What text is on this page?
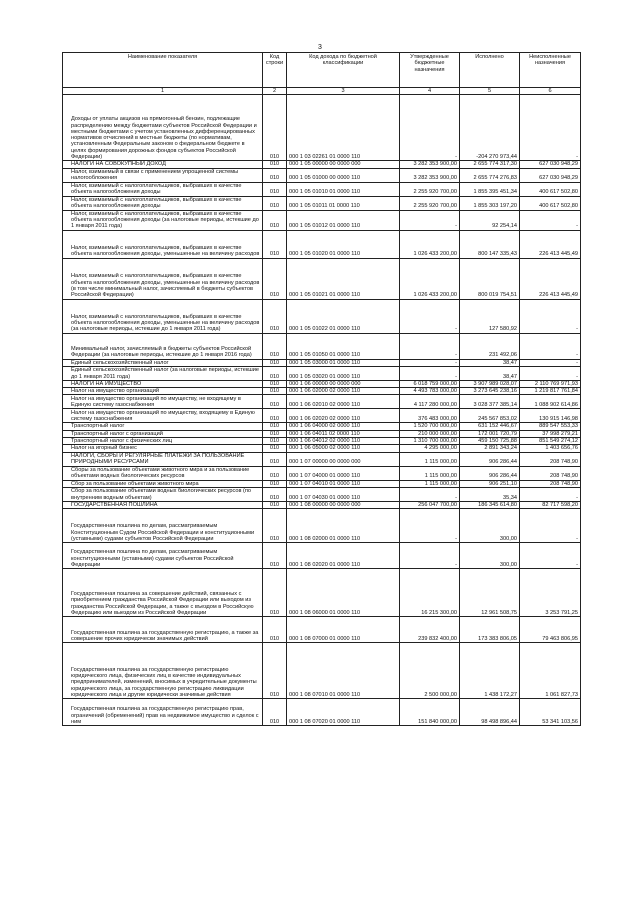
3
Наименование показателя	Код строки	Код дохода по бюджетной классификации	Утвержденные бюджетные назначения	Исполнено	Неисполненные назначения
1	2	3	4	5	6

Доходы от уплаты акцизов на прямогонный бензин, подлежащие распределению между бюджетами субъектов Российской Федерации и местными бюджетами с учетом установленных дифференцированных нормативов отчислений в местные бюджеты (по нормативам, установленным Федеральным законом о федеральном бюджете в целях формирования дорожных фондов субъектов Российской Федерации)	010	000 1 03 02261 01 0000 110	-	-204 270 973,44	-

НАЛОГИ НА СОВОКУПНЫЙ ДОХОД	010	000 1 05 00000 00 0000 000	3 282 353 900,00	2 655 774 317,30	627 030 948,29

Налог, взимаемый в связи с применением упрощенной системы налогообложения	010	000 1 05 01000 00 0000 110	3 282 353 900,00	2 655 774 276,83	627 030 948,29

Налог, взимаемый с налогоплательщиков, выбравших в качестве объекта налогообложения доходы	010	000 1 05 01010 01 0000 110	2 255 920 700,00	1 855 395 451,34	400 617 502,80

Налог, взимаемый с налогоплательщиков, выбравших в качестве объекта налогообложения доходы	010	000 1 05 01011 01 0000 110	2 255 920 700,00	1 855 303 197,20	400 617 502,80

Налог, взимаемый с налогоплательщиков, выбравших в качестве объекта налогообложения доходы (за налоговые периоды, истекшие до 1 января 2011 года)	010	000 1 05 01012 01 0000 110	-	92 254,14	-

Налог, взимаемый с налогоплательщиков, выбравших в качестве объекта налогообложения доходы, уменьшенные на величину расходов	010	000 1 05 01020 01 0000 110	1 026 433 200,00	800 147 335,43	226 413 445,49

Налог, взимаемый с налогоплательщиков, выбравших в качестве объекта налогообложения доходы, уменьшенные на величину расходов (в том числе минимальный налог, зачисляемый в бюджеты субъектов Российской Федерации)	010	000 1 05 01021 01 0000 110	1 026 433 200,00	800 019 754,51	226 413 445,49

Налог, взимаемый с налогоплательщиков, выбравших в качестве объекта налогообложения доходы, уменьшенные на величину расходов (за налоговые периоды, истекшие до 1 января 2011 года)	010	000 1 05 01022 01 0000 110	-	127 580,92	-

Минимальный налог, зачисляемый в бюджеты субъектов Российской Федерации (за налоговые периоды, истекшие до 1 января 2016 года)	010	000 1 05 01050 01 0000 110	-	231 492,06	-

Единый сельскохозяйственный налог	010	000 1 05 03000 01 0000 110	-	38,47	-

Единый сельскохозяйственный налог (за налоговые периоды, истекшие до 1 января 2011 года)	010	000 1 05 03020 01 0000 110	-	38,47	-

НАЛОГИ НА ИМУЩЕСТВО	010	000 1 06 00000 00 0000 000	6 018 759 000,00	3 907 989 028,07	2 110 769 971,93

Налог на имущество организаций	010	000 1 06 02000 02 0000 110	4 493 783 000,00	3 273 645 238,16	1 219 817 761,84

Налог на имущество организаций по имуществу, не входящему в Единую систему газоснабжения	010	000 1 06 02010 02 0000 110	4 117 280 000,00	3 028 377 385,14	1 088 902 614,86

Налог на имущество организаций по имуществу, входящему в Единую систему газоснабжения	010	000 1 06 02020 02 0000 110	376 483 000,00	245 567 853,02	130 915 146,98

Транспортный налог	010	000 1 06 04000 02 0000 110	1 520 700 000,00	631 152 446,67	889 547 553,33

Транспортный налог с организаций	010	000 1 06 04011 02 0000 110	210 000 000,00	172 001 720,79	37 998 279,21

Транспортный налог с физических лиц	010	000 1 06 04012 02 0000 110	1 310 700 000,00	459 150 725,88	851 549 274,12

Налог на игорный бизнес	010	000 1 06 05000 02 0000 110	4 295 000,00	2 891 343,24	1 403 656,76

НАЛОГИ, СБОРЫ И РЕГУЛЯРНЫЕ ПЛАТЕЖИ ЗА ПОЛЬЗОВАНИЕ ПРИРОДНЫМИ РЕСУРСАМИ	010	000 1 07 00000 00 0000 000	1 115 000,00	906 286,44	208 748,90

Сборы за пользование объектами животного мира и за пользование объектами водных биологических ресурсов	010	000 1 07 04000 01 0000 110	1 115 000,00	906 286,44	208 748,90

Сбор за пользование объектами животного мира	010	000 1 07 04010 01 0000 110	1 115 000,00	906 251,10	208 748,90

Сбор за пользование объектами водных биологических ресурсов (по внутренним водным объектам)	010	000 1 07 04030 01 0000 110	-	35,34	-

ГОСУДАРСТВЕННАЯ ПОШЛИНА	010	000 1 08 00000 00 0000 000	256 047 700,00	186 345 614,80	82 717 598,20

Государственная пошлина по делам, рассматриваемым Конституционным Судом Российской Федерации и конституционными (уставными) судами субъектов Российской Федерации	010	000 1 08 02000 01 0000 110	-	300,00	-

Государственная пошлина по делам, рассматриваемым конституционными (уставными) судами субъектов Российской Федерации	010	000 1 08 02020 01 0000 110	-	300,00	-

Государственная пошлина за совершение действий, связанных с приобретением гражданства Российской Федерации или выходом из гражданства Российской Федерации, а также с въездом в Российскую Федерацию или выездом из Российской Федерации	010	000 1 08 06000 01 0000 110	16 215 300,00	12 961 508,75	3 253 791,25

Государственная пошлина за государственную регистрацию, а также за совершение прочих юридически значимых действий	010	000 1 08 07000 01 0000 110	239 832 400,00	173 383 806,05	79 463 806,95

Государственная пошлина за государственную регистрацию юридического лица, физических лиц в качестве индивидуальных предпринимателей, изменений, вносимых в учредительные документы юридического лица, за государственную регистрацию ликвидации юридического лица и другие юридически значимые действия	010	000 1 08 07010 01 0000 110	2 500 000,00	1 438 172,27	1 061 827,73

Государственная пошлина за государственную регистрацию прав, ограничений (обременений) прав на недвижимое имущество и сделок с ним	010	000 1 08 07020 01 0000 110	151 840 000,00	98 498 896,44	53 341 103,56
